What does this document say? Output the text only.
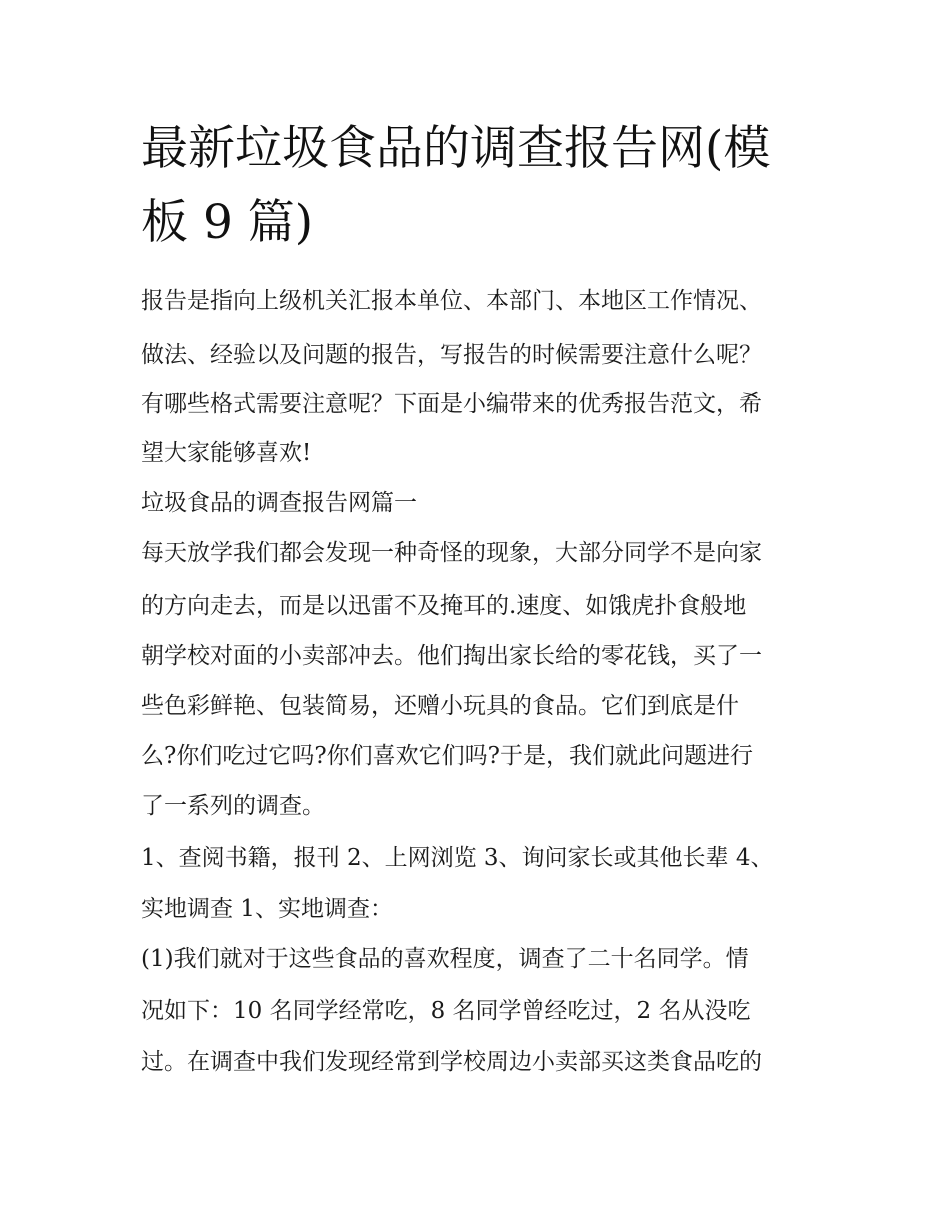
最新垃圾食品的调查报告网(模
板 9 篇)

报告是指向上级机关汇报本单位、本部门、本地区工作情况、

做法、经验以及问题的报告，写报告的时候需要注意什么呢？

有哪些格式需要注意呢？下面是小编带来的优秀报告范文，希

望大家能够喜欢!

垃圾食品的调查报告网篇一

每天放学我们都会发现一种奇怪的现象，大部分同学不是向家

的方向走去，而是以迅雷不及掩耳的.速度、如饿虎扑食般地

朝学校对面的小卖部冲去。他们掏出家长给的零花钱，买了一

些色彩鲜艳、包装简易，还赠小玩具的食品。它们到底是什

么?你们吃过它吗?你们喜欢它们吗?于是，我们就此问题进行

了一系列的调查。

1、查阅书籍，报刊 2、上网浏览 3、询问家长或其他长辈 4、

实地调查 1、实地调查：

(1)我们就对于这些食品的喜欢程度，调查了二十名同学。情

况如下：10 名同学经常吃，8 名同学曾经吃过，2 名从没吃

过。在调查中我们发现经常到学校周边小卖部买这类食品吃的
